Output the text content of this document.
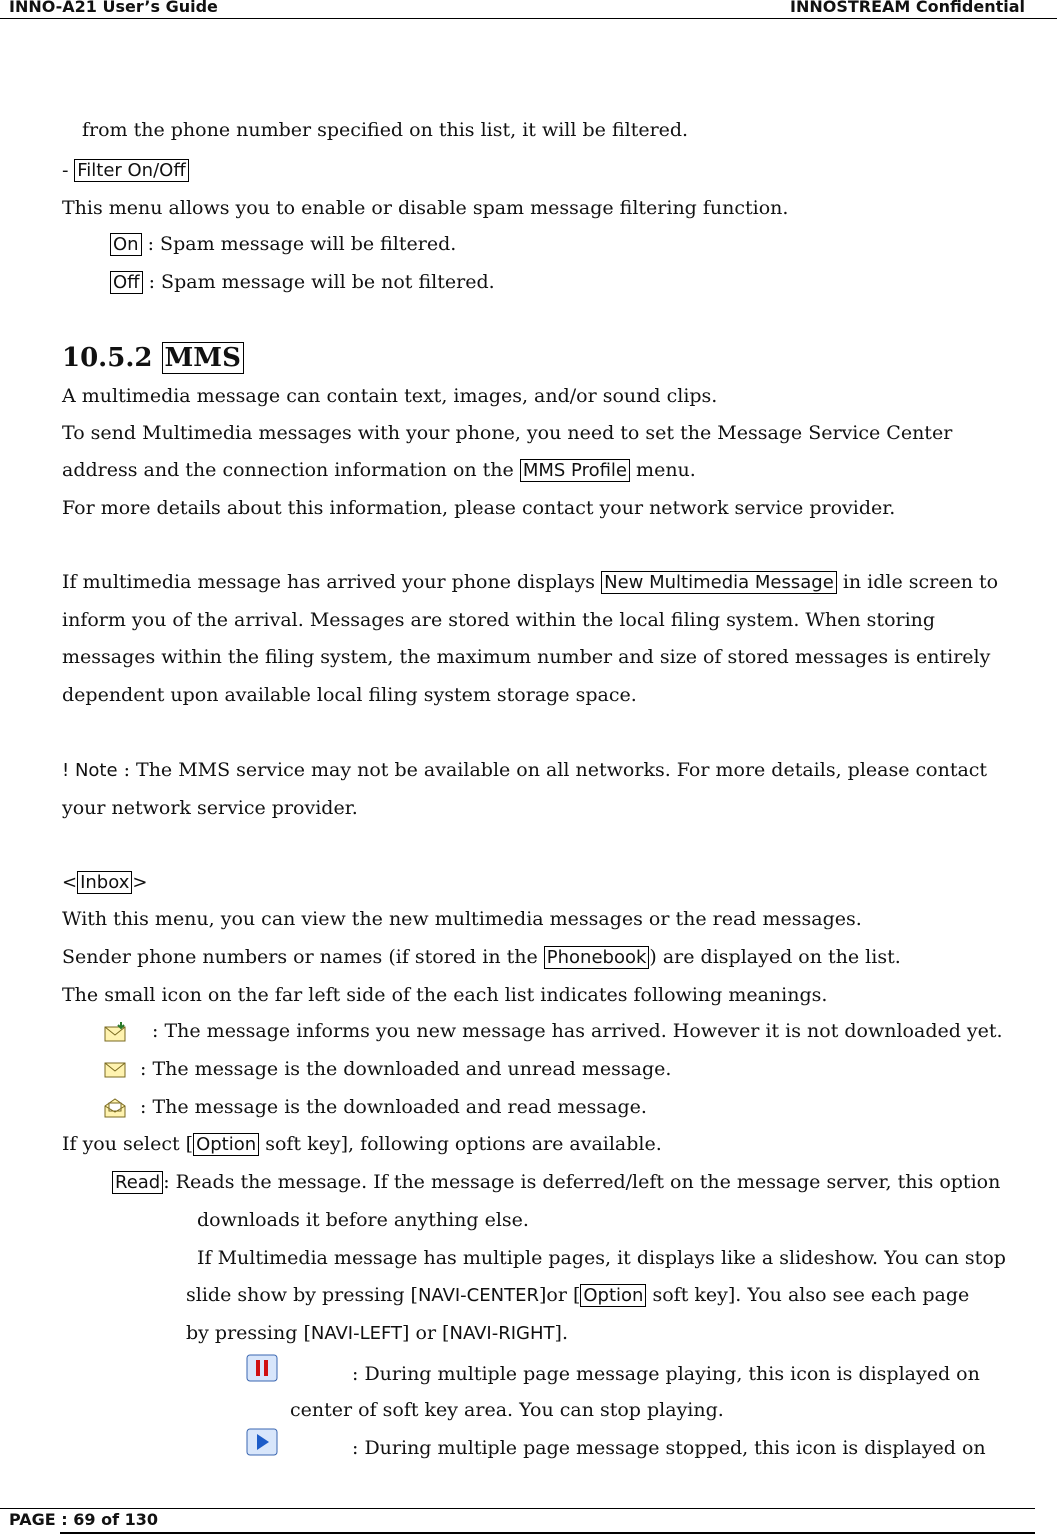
INNO-A21 User’s Guide	INNOSTREAM Confidential
from the phone number specified on this list, it will be filtered.
- Filter On/Off
This menu allows you to enable or disable spam message filtering function.
On : Spam message will be filtered.
Off : Spam message will be not filtered.
10.5.2 MMS
A multimedia message can contain text, images, and/or sound clips.
To send Multimedia messages with your phone, you need to set the Message Service Center
address and the connection information on the MMS Profile menu.
For more details about this information, please contact your network service provider.
If multimedia message has arrived your phone displays New Multimedia Message in idle screen to
inform you of the arrival. Messages are stored within the local filing system. When storing
messages within the filing system, the maximum number and size of stored messages is entirely
dependent upon available local filing system storage space.
! Note : The MMS service may not be available on all networks. For more details, please contact
your network service provider.
< Inbox >
With this menu, you can view the new multimedia messages or the read messages.
Sender phone numbers or names (if stored in the Phonebook ) are displayed on the list.
The small icon on the far left side of the each list indicates following meanings.
: The message informs you new message has arrived. However it is not downloaded yet.
: The message is the downloaded and unread message.
: The message is the downloaded and read message.
If you select [ Option soft key], following options are available.
Read : Reads the message. If the message is deferred/left on the message server, this option
downloads it before anything else.
If Multimedia message has multiple pages, it displays like a slideshow. You can stop
slide show by pressing [NAVI-CENTER]or [ Option soft key]. You also see each page
by pressing [NAVI-LEFT] or [NAVI-RIGHT].
: During multiple page message playing, this icon is displayed on
center of soft key area. You can stop playing.
: During multiple page message stopped, this icon is displayed on
PAGE : 69 of 130
